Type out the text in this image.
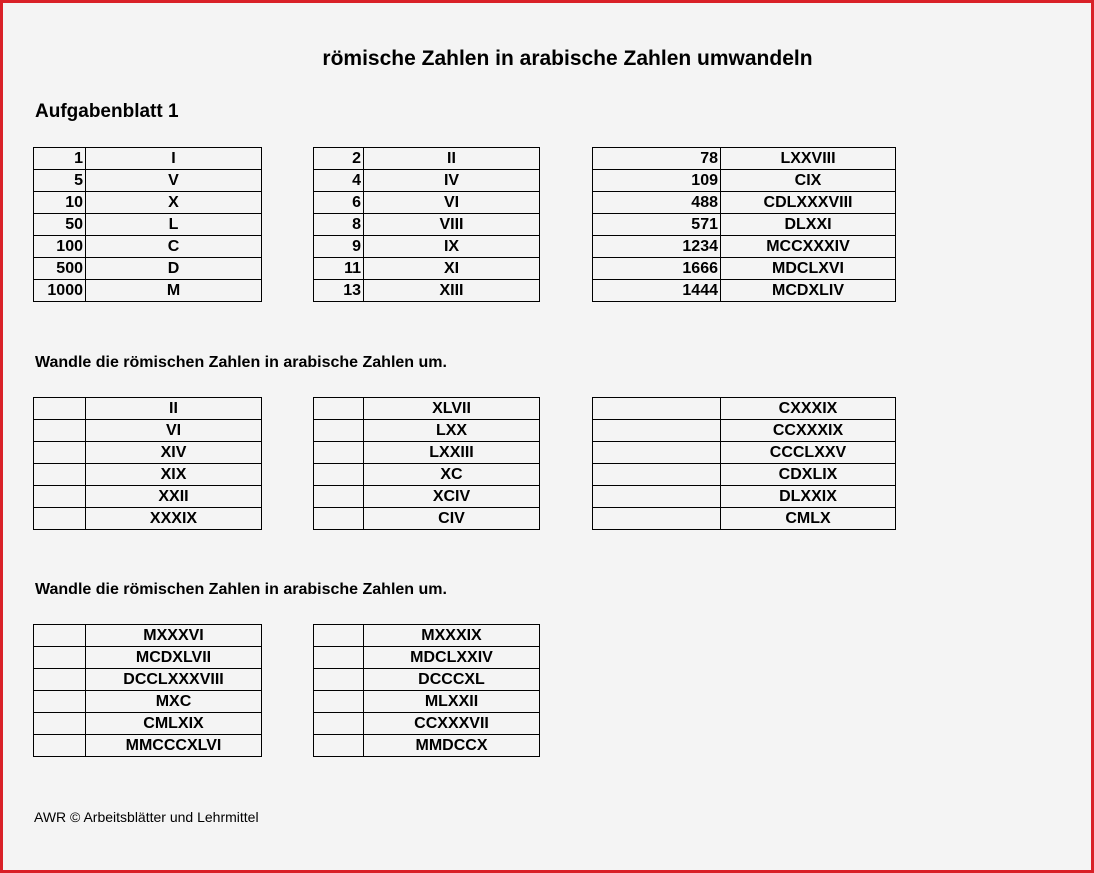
römische Zahlen in arabische Zahlen umwandeln
Aufgabenblatt 1
1	I
5	V
10	X
50	L
100	C
500	D
1000	M
2	II
4	IV
6	VI
8	VIII
9	IX
11	XI
13	XIII
78	LXXVIII
109	CIX
488	CDLXXXVIII
571	DLXXI
1234	MCCXXXIV
1666	MDCLXVI
1444	MCDXLIV
Wandle die römischen Zahlen in arabische Zahlen um.
	II
	VI
	XIV
	XIX
	XXII
	XXXIX
	XLVII
	LXX
	LXXIII
	XC
	XCIV
	CIV
	CXXXIX
	CCXXXIX
	CCCLXXV
	CDXLIX
	DLXXIX
	CMLX
Wandle die römischen Zahlen in arabische Zahlen um.
	MXXXVI
	MCDXLVII
	DCCLXXXVIII
	MXC
	CMLXIX
	MMCCCXLVI
	MXXXIX
	MDCLXXIV
	DCCCXL
	MLXXII
	CCXXXVII
	MMDCCX
AWR © Arbeitsblätter und Lehrmittel
